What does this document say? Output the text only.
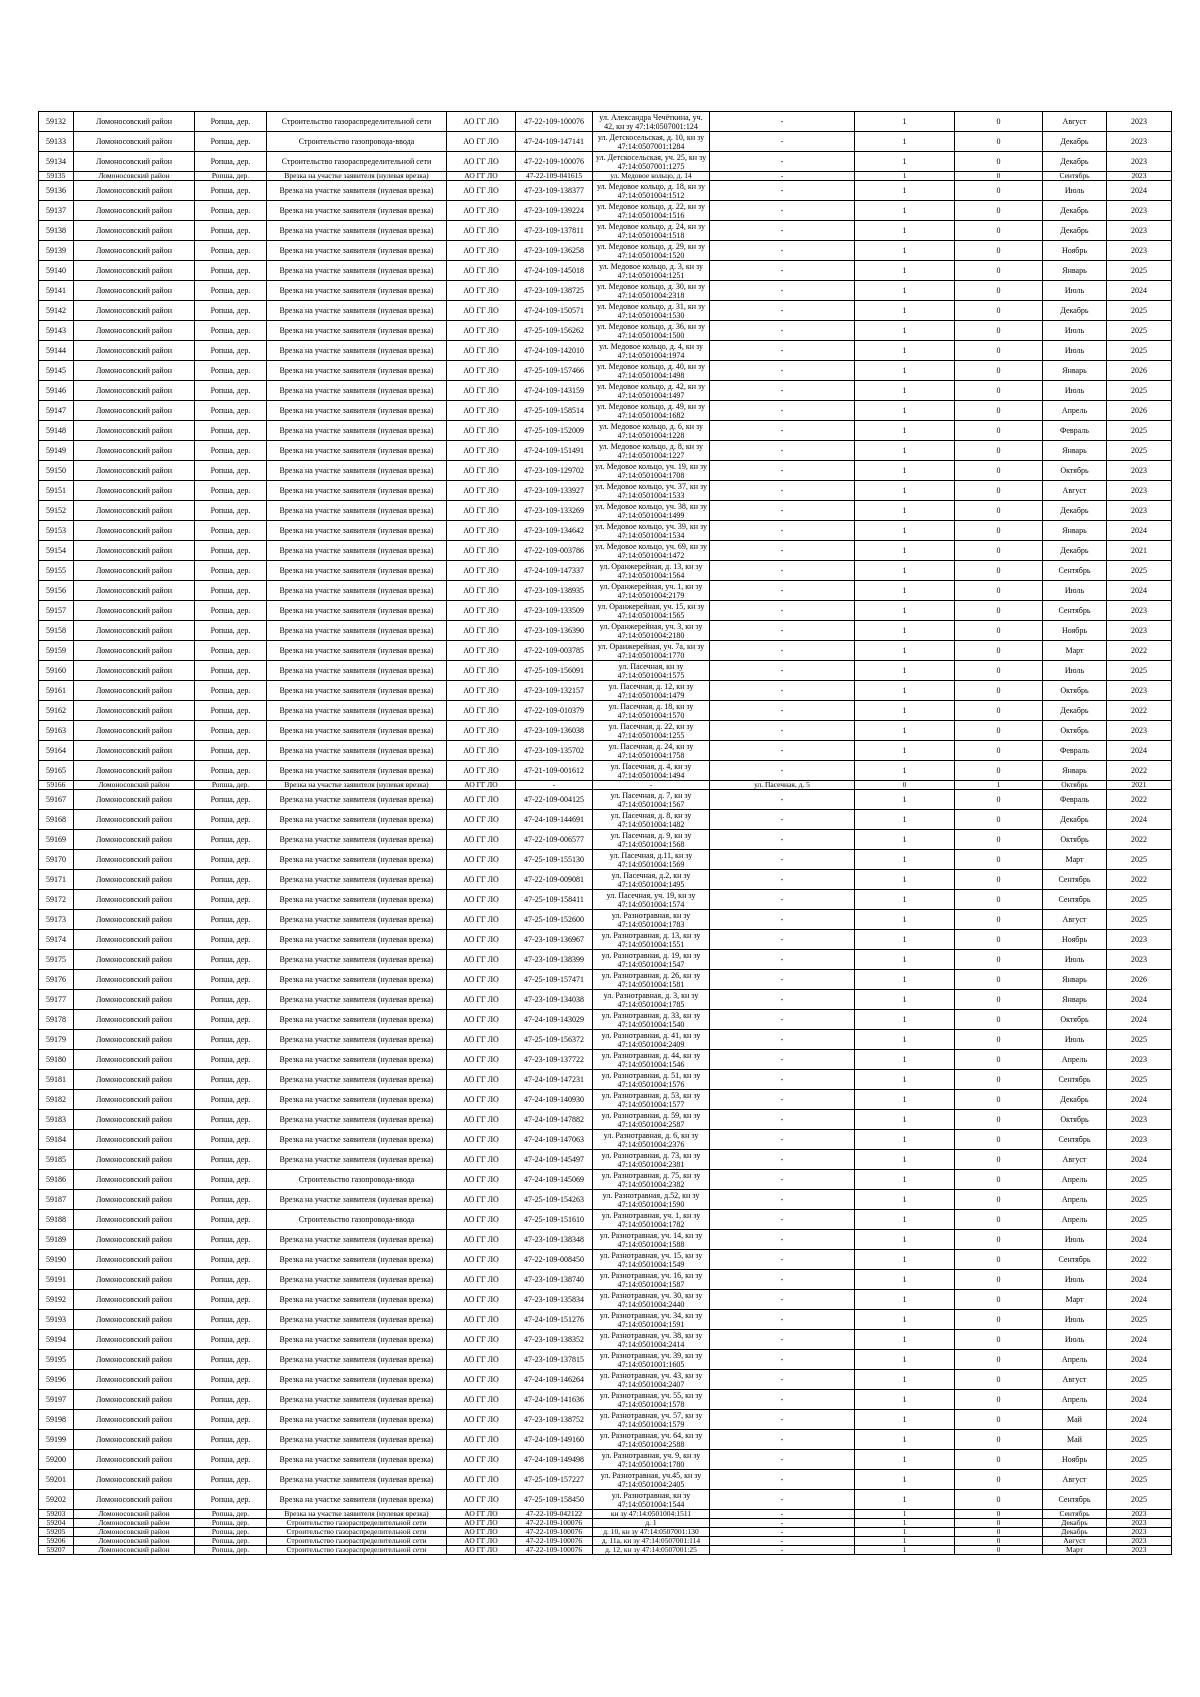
59132	Ломоносовский район	Ропша, дер.	Строительство газораспределительной сети	АО ГГ ЛО	47-22-109-100076	ул. Александра Чечёткина, уч. 42, кн зу 47:14:0507001:124	-	1	0	Август	2023
59133	Ломоносовский район	Ропша, дер.	Строительство газопровода-ввода	АО ГГ ЛО	47-24-109-147141	ул. Детскосельская, д. 10, кн зу 47:14:0507001:1284	-	1	0	Декабрь	2023
59134	Ломоносовский район	Ропша, дер.	Строительство газораспределительной сети	АО ГГ ЛО	47-22-109-100076	ул. Детскосельская, уч. 25, кн зу 47:14:0507001:1275	-	1	0	Декабрь	2023
59135	Ломоносовский район	Ропша, дер.	Врезка на участке заявителя (нулевая врезка)	АО ГГ ЛО	47-22-109-041615	ул. Медовое кольцо, д. 14	-	1	0	Сентябрь	2023
59136	Ломоносовский район	Ропша, дер.	Врезка на участке заявителя (нулевая врезка)	АО ГГ ЛО	47-23-109-138377	ул. Медовое кольцо, д. 18, кн зу 47:14:0501004:1512	-	1	0	Июль	2024
59137	Ломоносовский район	Ропша, дер.	Врезка на участке заявителя (нулевая врезка)	АО ГГ ЛО	47-23-109-139224	ул. Медовое кольцо, д. 22, кн зу 47:14:0501004:1516	-	1	0	Декабрь	2023
59138	Ломоносовский район	Ропша, дер.	Врезка на участке заявителя (нулевая врезка)	АО ГГ ЛО	47-23-109-137811	ул. Медовое кольцо, д. 24, кн зу 47:14:0501004:1518	-	1	0	Декабрь	2023
59139	Ломоносовский район	Ропша, дер.	Врезка на участке заявителя (нулевая врезка)	АО ГГ ЛО	47-23-109-136258	ул. Медовое кольцо, д. 29, кн зу 47:14:0501004:1520	-	1	0	Ноябрь	2023
59140	Ломоносовский район	Ропша, дер.	Врезка на участке заявителя (нулевая врезка)	АО ГГ ЛО	47-24-109-145018	ул. Медовое кольцо, д. 3, кн зу 47:14:0501004:1251	-	1	0	Январь	2025
59141	Ломоносовский район	Ропша, дер.	Врезка на участке заявителя (нулевая врезка)	АО ГГ ЛО	47-23-109-138725	ул. Медовое кольцо, д. 30, кн зу 47:14:0501004:2318	-	1	0	Июль	2024
59142	Ломоносовский район	Ропша, дер.	Врезка на участке заявителя (нулевая врезка)	АО ГГ ЛО	47-24-109-150571	ул. Медовое кольцо, д. 31, кн зу 47:14:0501004:1530	-	1	0	Декабрь	2025
59143	Ломоносовский район	Ропша, дер.	Врезка на участке заявителя (нулевая врезка)	АО ГГ ЛО	47-25-109-156262	ул. Медовое кольцо, д. 36, кн зу 47:14:0501004:1500	-	1	0	Июль	2025
59144	Ломоносовский район	Ропша, дер.	Врезка на участке заявителя (нулевая врезка)	АО ГГ ЛО	47-24-109-142010	ул. Медовое кольцо, д. 4, кн зу 47:14:0501004:1974	-	1	0	Июль	2025
59145	Ломоносовский район	Ропша, дер.	Врезка на участке заявителя (нулевая врезка)	АО ГГ ЛО	47-25-109-157466	ул. Медовое кольцо, д. 40, кн зу 47:14:0501004:1498	-	1	0	Январь	2026
59146	Ломоносовский район	Ропша, дер.	Врезка на участке заявителя (нулевая врезка)	АО ГГ ЛО	47-24-109-143159	ул. Медовое кольцо, д. 42, кн зу 47:14:0501004:1497	-	1	0	Июль	2025
59147	Ломоносовский район	Ропша, дер.	Врезка на участке заявителя (нулевая врезка)	АО ГГ ЛО	47-25-109-158514	ул. Медовое кольцо, д. 49, кн зу 47:14:0501004:1682	-	1	0	Апрель	2026
59148	Ломоносовский район	Ропша, дер.	Врезка на участке заявителя (нулевая врезка)	АО ГГ ЛО	47-25-109-152009	ул. Медовое кольцо, д. 6, кн зу 47:14:0501004:1228	-	1	0	Февраль	2025
59149	Ломоносовский район	Ропша, дер.	Врезка на участке заявителя (нулевая врезка)	АО ГГ ЛО	47-24-109-151491	ул. Медовое кольцо, д. 8, кн зу 47:14:0501004:1227	-	1	0	Январь	2025
59150	Ломоносовский район	Ропша, дер.	Врезка на участке заявителя (нулевая врезка)	АО ГГ ЛО	47-23-109-129702	ул. Медовое кольцо, уч. 19, кн зу 47:14:0501004:1708	-	1	0	Октябрь	2023
59151	Ломоносовский район	Ропша, дер.	Врезка на участке заявителя (нулевая врезка)	АО ГГ ЛО	47-23-109-133927	ул. Медовое кольцо, уч. 37, кн зу 47:14:0501004:1533	-	1	0	Август	2023
59152	Ломоносовский район	Ропша, дер.	Врезка на участке заявителя (нулевая врезка)	АО ГГ ЛО	47-23-109-133269	ул. Медовое кольцо, уч. 38, кн зу 47:14:0501004:1499	-	1	0	Декабрь	2023
59153	Ломоносовский район	Ропша, дер.	Врезка на участке заявителя (нулевая врезка)	АО ГГ ЛО	47-23-109-134642	ул. Медовое кольцо, уч. 39, кн зу 47:14:0501004:1534	-	1	0	Январь	2024
59154	Ломоносовский район	Ропша, дер.	Врезка на участке заявителя (нулевая врезка)	АО ГГ ЛО	47-22-109-003786	ул. Медовое кольцо, уч. 69, кн зу 47:14:0501004:1472	-	1	0	Декабрь	2021
59155	Ломоносовский район	Ропша, дер.	Врезка на участке заявителя (нулевая врезка)	АО ГГ ЛО	47-24-109-147337	ул. Оранжерейная, д. 13, кн зу 47:14:0501004:1564	-	1	0	Сентябрь	2025
59156	Ломоносовский район	Ропша, дер.	Врезка на участке заявителя (нулевая врезка)	АО ГГ ЛО	47-23-109-138935	ул. Оранжерейная, уч. 1, кн зу 47:14:0501004:2179	-	1	0	Июль	2024
59157	Ломоносовский район	Ропша, дер.	Врезка на участке заявителя (нулевая врезка)	АО ГГ ЛО	47-23-109-133509	ул. Оранжерейная, уч. 15, кн зу 47:14:0501004:1565	-	1	0	Сентябрь	2023
59158	Ломоносовский район	Ропша, дер.	Врезка на участке заявителя (нулевая врезка)	АО ГГ ЛО	47-23-109-136390	ул. Оранжерейная, уч. 3, кн зу 47:14:0501004:2180	-	1	0	Ноябрь	2023
59159	Ломоносовский район	Ропша, дер.	Врезка на участке заявителя (нулевая врезка)	АО ГГ ЛО	47-22-109-003785	ул. Оранжерейная, уч. 7а, кн зу 47:14:0501004:1770	-	1	0	Март	2022
59160	Ломоносовский район	Ропша, дер.	Врезка на участке заявителя (нулевая врезка)	АО ГГ ЛО	47-25-109-156091	ул. Пасечная, кн зу 47:14:0501004:1575	-	1	0	Июль	2025
59161	Ломоносовский район	Ропша, дер.	Врезка на участке заявителя (нулевая врезка)	АО ГГ ЛО	47-23-109-132157	ул. Пасечная, д. 12, кн зу 47:14:0501004:1479	-	1	0	Октябрь	2023
59162	Ломоносовский район	Ропша, дер.	Врезка на участке заявителя (нулевая врезка)	АО ГГ ЛО	47-22-109-010379	ул. Пасечная, д. 18, кн зу 47:14:0501004:1570	-	1	0	Декабрь	2022
59163	Ломоносовский район	Ропша, дер.	Врезка на участке заявителя (нулевая врезка)	АО ГГ ЛО	47-23-109-136038	ул. Пасечная, д. 22, кн зу 47:14:0501004:1255	-	1	0	Октябрь	2023
59164	Ломоносовский район	Ропша, дер.	Врезка на участке заявителя (нулевая врезка)	АО ГГ ЛО	47-23-109-135702	ул. Пасечная, д. 24, кн зу 47:14:0501004:1758	-	1	0	Февраль	2024
59165	Ломоносовский район	Ропша, дер.	Врезка на участке заявителя (нулевая врезка)	АО ГГ ЛО	47-21-109-001612	ул. Пасечная, д. 4, кн зу 47:14:0501004:1494	-	1	0	Январь	2022
59166	Ломоносовский район	Ропша, дер.	Врезка на участке заявителя (нулевая врезка)	АО ГГ ЛО	-	-	ул. Пасечная, д. 5	0	1	Октябрь	2021
59167	Ломоносовский район	Ропша, дер.	Врезка на участке заявителя (нулевая врезка)	АО ГГ ЛО	47-22-109-004125	ул. Пасечная, д. 7, кн зу 47:14:0501004:1567	-	1	0	Февраль	2022
59168	Ломоносовский район	Ропша, дер.	Врезка на участке заявителя (нулевая врезка)	АО ГГ ЛО	47-24-109-144691	ул. Пасечная, д. 8, кн зу 47:14:0501004:1482	-	1	0	Декабрь	2024
59169	Ломоносовский район	Ропша, дер.	Врезка на участке заявителя (нулевая врезка)	АО ГГ ЛО	47-22-109-006577	ул. Пасечная, д. 9, кн зу 47:14:0501004:1568	-	1	0	Октябрь	2022
59170	Ломоносовский район	Ропша, дер.	Врезка на участке заявителя (нулевая врезка)	АО ГГ ЛО	47-25-109-155130	ул. Пасечная, д.11, кн зу 47:14:0501004:1569	-	1	0	Март	2025
59171	Ломоносовский район	Ропша, дер.	Врезка на участке заявителя (нулевая врезка)	АО ГГ ЛО	47-22-109-009081	ул. Пасечная, д.2, кн зу 47:14:0501004:1495	-	1	0	Сентябрь	2022
59172	Ломоносовский район	Ропша, дер.	Врезка на участке заявителя (нулевая врезка)	АО ГГ ЛО	47-25-109-158411	ул. Пасечная, уч. 19, кн зу 47:14:0501004:1574	-	1	0	Сентябрь	2025
59173	Ломоносовский район	Ропша, дер.	Врезка на участке заявителя (нулевая врезка)	АО ГГ ЛО	47-25-109-152600	ул. Разнотравная, кн зу 47:14:0501004:1783	-	1	0	Август	2025
59174	Ломоносовский район	Ропша, дер.	Врезка на участке заявителя (нулевая врезка)	АО ГГ ЛО	47-23-109-136967	ул. Разнотравная, д. 13, кн зу 47:14:0501004:1551	-	1	0	Ноябрь	2023
59175	Ломоносовский район	Ропша, дер.	Врезка на участке заявителя (нулевая врезка)	АО ГГ ЛО	47-23-109-138399	ул. Разнотравная, д. 19, кн зу 47:14:0501004:1547	-	1	0	Июль	2023
59176	Ломоносовский район	Ропша, дер.	Врезка на участке заявителя (нулевая врезка)	АО ГГ ЛО	47-25-109-157471	ул. Разнотравная, д. 26, кн зу 47:14:0501004:1581	-	1	0	Январь	2026
59177	Ломоносовский район	Ропша, дер.	Врезка на участке заявителя (нулевая врезка)	АО ГГ ЛО	47-23-109-134038	ул. Разнотравная, д. 3, кн зу 47:14:0501004:1785	-	1	0	Январь	2024
59178	Ломоносовский район	Ропша, дер.	Врезка на участке заявителя (нулевая врезка)	АО ГГ ЛО	47-24-109-143029	ул. Разнотравная, д. 33, кн зу 47:14:0501004:1540	-	1	0	Октябрь	2024
59179	Ломоносовский район	Ропша, дер.	Врезка на участке заявителя (нулевая врезка)	АО ГГ ЛО	47-25-109-156372	ул. Разнотравная, д. 41, кн зу 47:14:0501004:2409	-	1	0	Июль	2025
59180	Ломоносовский район	Ропша, дер.	Врезка на участке заявителя (нулевая врезка)	АО ГГ ЛО	47-23-109-137722	ул. Разнотравная, д. 44, кн зу 47:14:0501004:1546	-	1	0	Апрель	2023
59181	Ломоносовский район	Ропша, дер.	Врезка на участке заявителя (нулевая врезка)	АО ГГ ЛО	47-24-109-147231	ул. Разнотравная, д. 51, кн зу 47:14:0501004:1576	-	1	0	Сентябрь	2025
59182	Ломоносовский район	Ропша, дер.	Врезка на участке заявителя (нулевая врезка)	АО ГГ ЛО	47-24-109-140930	ул. Разнотравная, д. 53, кн зу 47:14:0501004:1577	-	1	0	Декабрь	2024
59183	Ломоносовский район	Ропша, дер.	Врезка на участке заявителя (нулевая врезка)	АО ГГ ЛО	47-24-109-147882	ул. Разнотравная, д. 59, кн зу 47:14:0501004:2587	-	1	0	Октябрь	2023
59184	Ломоносовский район	Ропша, дер.	Врезка на участке заявителя (нулевая врезка)	АО ГГ ЛО	47-24-109-147063	ул. Разнотравная, д. 6, кн зу 47:14:0501004:2376	-	1	0	Сентябрь	2023
59185	Ломоносовский район	Ропша, дер.	Врезка на участке заявителя (нулевая врезка)	АО ГГ ЛО	47-24-109-145497	ул. Разнотравная, д. 73, кн зу 47:14:0501004:2381	-	1	0	Август	2024
59186	Ломоносовский район	Ропша, дер.	Строительство газопровода-ввода	АО ГГ ЛО	47-24-109-145069	ул. Разнотравная, д. 75, кн зу 47:14:0501004:2382	-	1	0	Апрель	2025
59187	Ломоносовский район	Ропша, дер.	Врезка на участке заявителя (нулевая врезка)	АО ГГ ЛО	47-25-109-154263	ул. Разнотравная, д.52, кн зу 47:14:0501004:1590	-	1	0	Апрель	2025
59188	Ломоносовский район	Ропша, дер.	Строительство газопровода-ввода	АО ГГ ЛО	47-25-109-151610	ул. Разнотравная, уч. 1, кн зу 47:14:0501004:1782	-	1	0	Апрель	2025
59189	Ломоносовский район	Ропша, дер.	Врезка на участке заявителя (нулевая врезка)	АО ГГ ЛО	47-23-109-138348	ул. Разнотравная, уч. 14, кн зу 47:14:0501004:1588	-	1	0	Июль	2024
59190	Ломоносовский район	Ропша, дер.	Врезка на участке заявителя (нулевая врезка)	АО ГГ ЛО	47-22-109-008450	ул. Разнотравная, уч. 15, кн зу 47:14:0501004:1549	-	1	0	Сентябрь	2022
59191	Ломоносовский район	Ропша, дер.	Врезка на участке заявителя (нулевая врезка)	АО ГГ ЛО	47-23-109-138740	ул. Разнотравная, уч. 16, кн зу 47:14:0501004:1587	-	1	0	Июль	2024
59192	Ломоносовский район	Ропша, дер.	Врезка на участке заявителя (нулевая врезка)	АО ГГ ЛО	47-23-109-135834	ул. Разнотравная, уч. 30, кн зу 47:14:0501004:2440	-	1	0	Март	2024
59193	Ломоносовский район	Ропша, дер.	Врезка на участке заявителя (нулевая врезка)	АО ГГ ЛО	47-24-109-151276	ул. Разнотравная, уч. 34, кн зу 47:14:0501004:1591	-	1	0	Июль	2025
59194	Ломоносовский район	Ропша, дер.	Врезка на участке заявителя (нулевая врезка)	АО ГГ ЛО	47-23-109-138352	ул. Разнотравная, уч. 38, кн зу 47:14:0501004:2414	-	1	0	Июль	2024
59195	Ломоносовский район	Ропша, дер.	Врезка на участке заявителя (нулевая врезка)	АО ГГ ЛО	47-23-109-137815	ул. Разнотравная, уч. 39, кн зу 47:14:0501001:1605	-	1	0	Апрель	2024
59196	Ломоносовский район	Ропша, дер.	Врезка на участке заявителя (нулевая врезка)	АО ГГ ЛО	47-24-109-146264	ул. Разнотравная, уч. 43, кн зу 47:14:0501004:2407	-	1	0	Август	2025
59197	Ломоносовский район	Ропша, дер.	Врезка на участке заявителя (нулевая врезка)	АО ГГ ЛО	47-24-109-141636	ул. Разнотравная, уч. 55, кн зу 47:14:0501004:1578	-	1	0	Апрель	2024
59198	Ломоносовский район	Ропша, дер.	Врезка на участке заявителя (нулевая врезка)	АО ГГ ЛО	47-23-109-138752	ул. Разнотравная, уч. 57, кн зу 47:14:0501004:1579	-	1	0	Май	2024
59199	Ломоносовский район	Ропша, дер.	Врезка на участке заявителя (нулевая врезка)	АО ГГ ЛО	47-24-109-149160	ул. Разнотравная, уч. 64, кн зу 47:14:0501004:2588	-	1	0	Май	2025
59200	Ломоносовский район	Ропша, дер.	Врезка на участке заявителя (нулевая врезка)	АО ГГ ЛО	47-24-109-149498	ул. Разнотравная, уч. 9, кн зу 47:14:0501004:1780	-	1	0	Ноябрь	2025
59201	Ломоносовский район	Ропша, дер.	Врезка на участке заявителя (нулевая врезка)	АО ГГ ЛО	47-25-109-157227	ул. Разнотравная, уч.45, кн зу 47:14:0501004:2405	-	1	0	Август	2025
59202	Ломоносовский район	Ропша, дер.	Врезка на участке заявителя (нулевая врезка)	АО ГГ ЛО	47-25-109-158450	ул. Разнотравная, кн зу 47:14:0501004:1544	-	1	0	Сентябрь	2025
59203	Ломоносовский район	Ропша, дер.	Врезка на участке заявителя (нулевая врезка)	АО ГГ ЛО	47-22-109-042122	кн зу 47:14:0501004:1511	-	1	0	Сентябрь	2023
59204	Ломоносовский район	Ропша, дер.	Строительство газораспределительной сети	АО ГГ ЛО	47-22-109-100076	д. 1	-	1	0	Декабрь	2023
59205	Ломоносовский район	Ропша, дер.	Строительство газораспределительной сети	АО ГГ ЛО	47-22-109-100076	д. 10, кн зу 47:14:0507001:130	-	1	0	Декабрь	2023
59206	Ломоносовский район	Ропша, дер.	Строительство газораспределительной сети	АО ГГ ЛО	47-22-109-100076	д. 11а, кн зу 47:14:0507001:114	-	1	0	Август	2023
59207	Ломоносовский район	Ропша, дер.	Строительство газораспределительной сети	АО ГГ ЛО	47-22-109-100076	д. 12, кн зу 47:14:0507001:25	-	1	0	Март	2023
